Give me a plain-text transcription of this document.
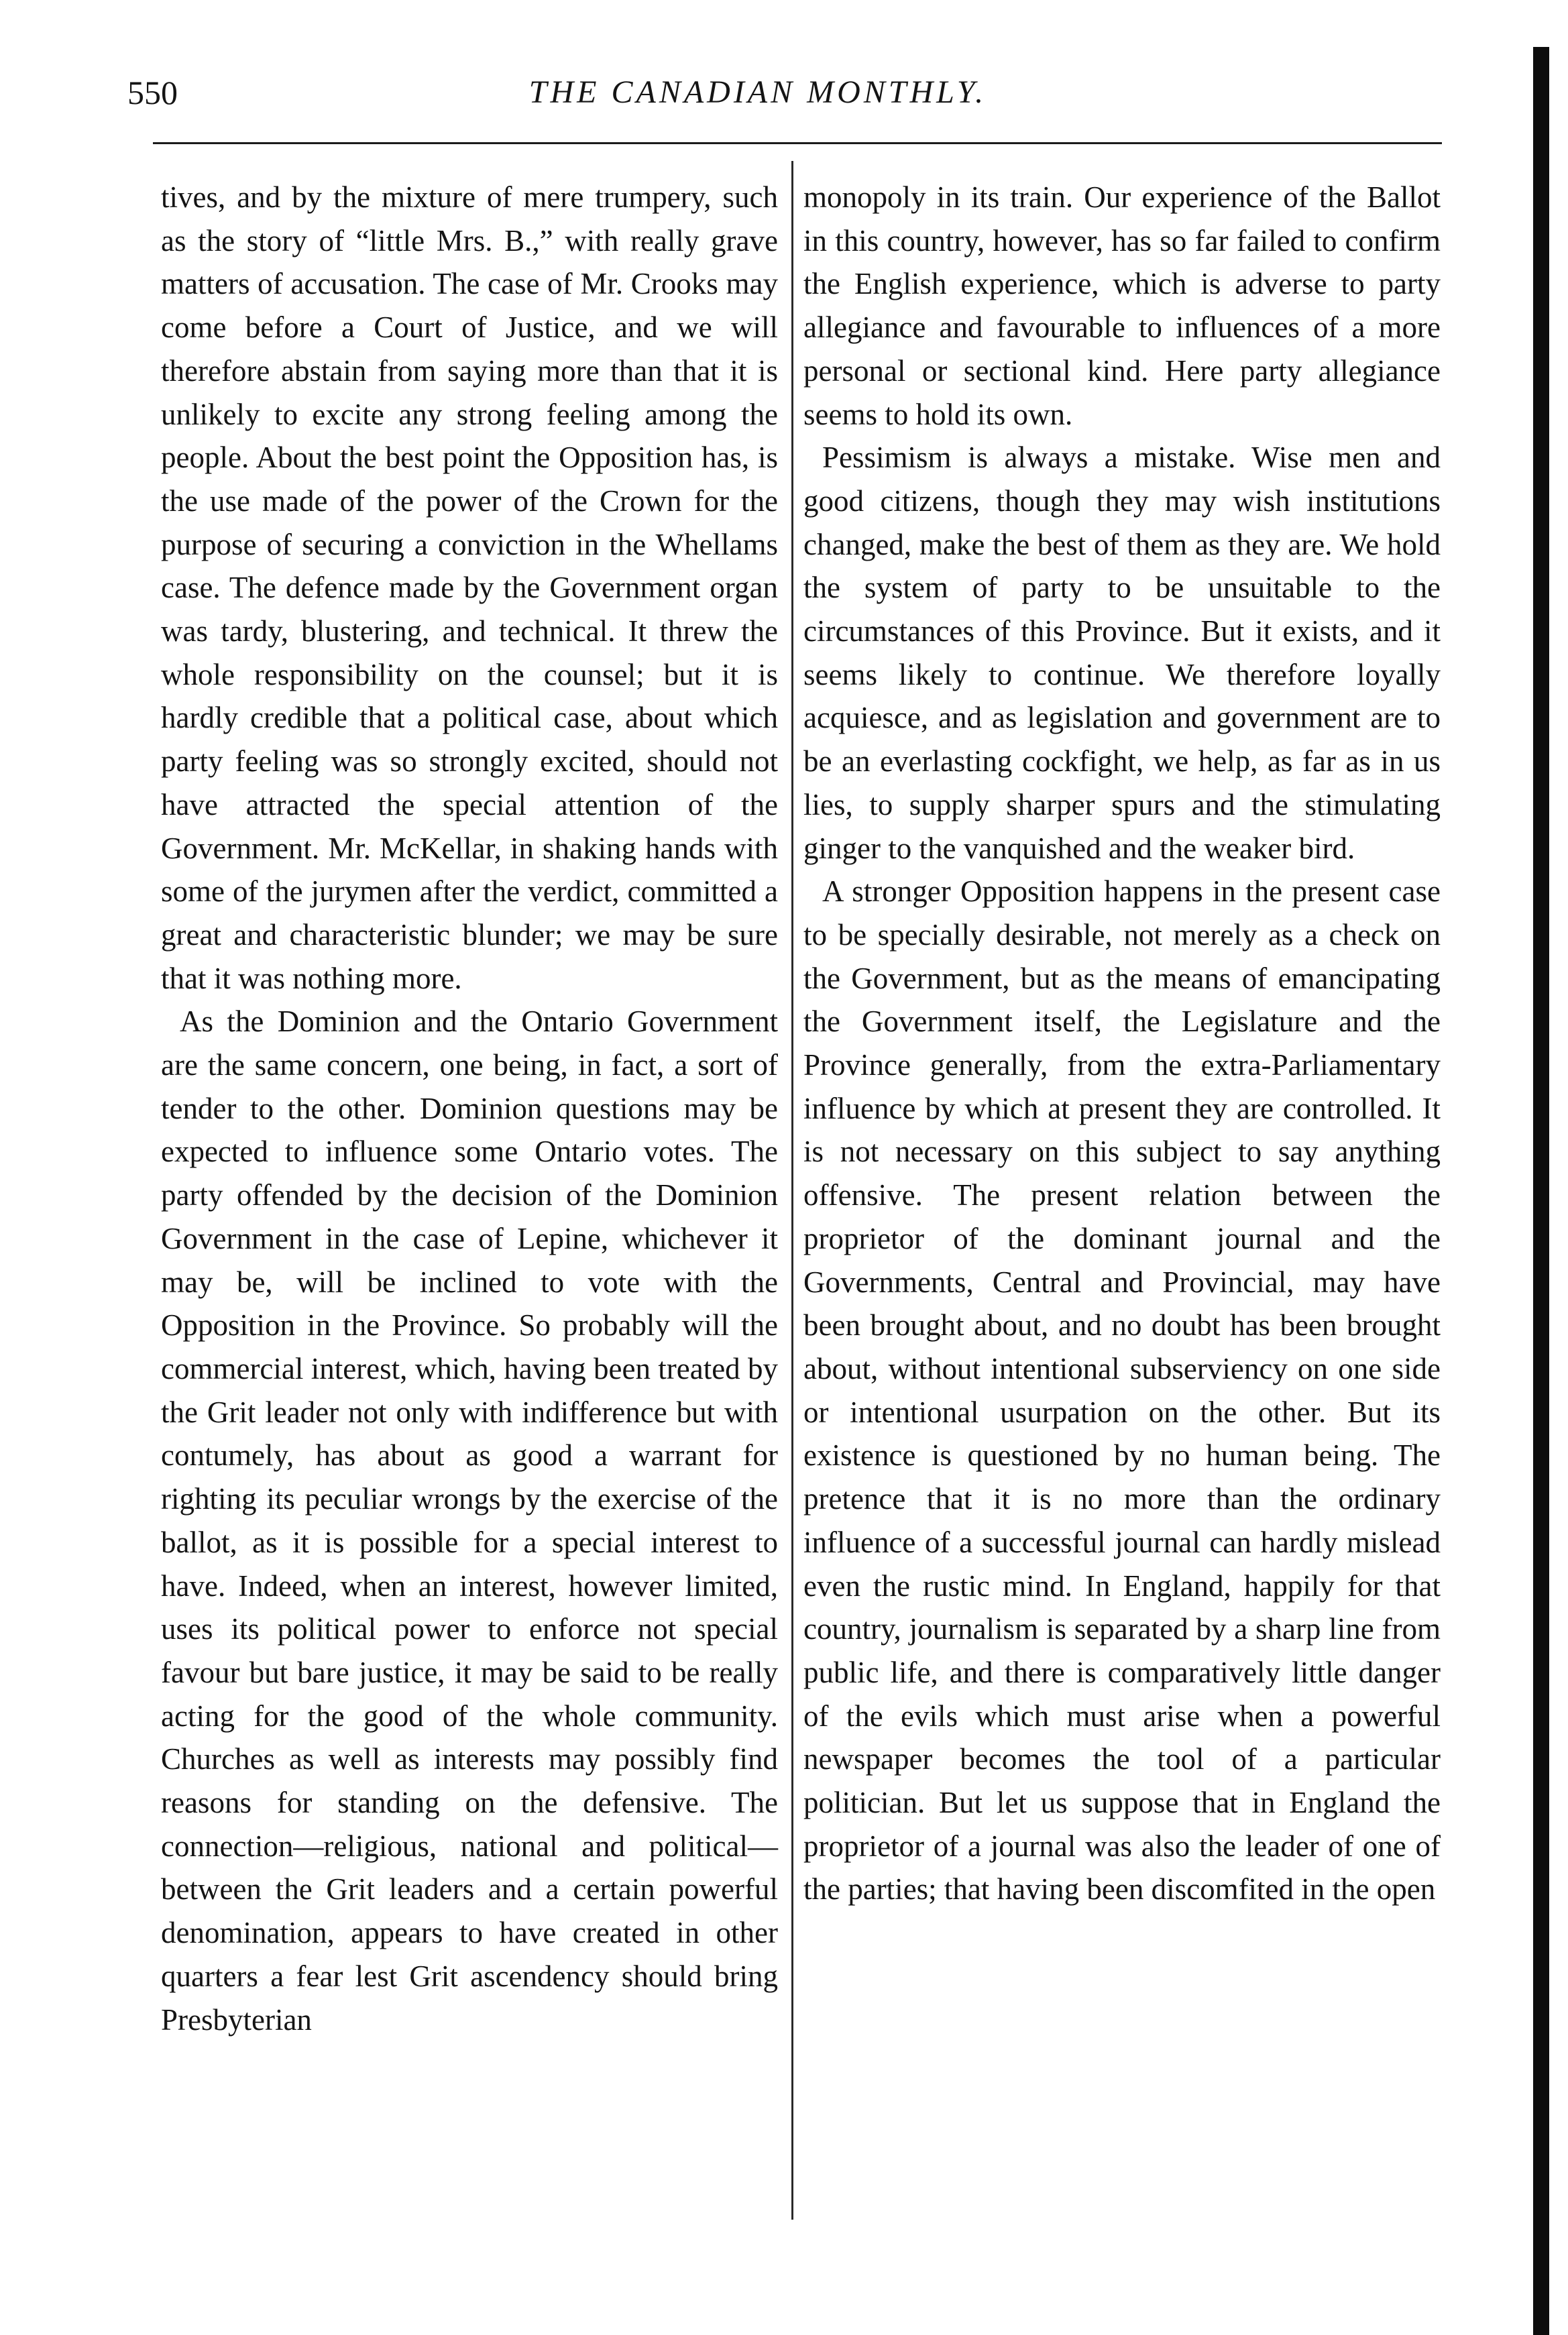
550	THE CANADIAN MONTHLY.

tives, and by the mixture of mere trumpery, such as the story of “little Mrs. B.,” with really grave matters of accusation. The case of Mr. Crooks may come before a Court of Justice, and we will therefore abstain from saying more than that it is unlikely to excite any strong feeling among the people. About the best point the Opposition has, is the use made of the power of the Crown for the purpose of securing a conviction in the Whellams case. The defence made by the Government organ was tardy, blustering, and technical. It threw the whole responsibility on the counsel; but it is hardly credible that a political case, about which party feeling was so strongly excited, should not have attracted the special attention of the Government. Mr. McKellar, in shaking hands with some of the jurymen after the verdict, committed a great and characteristic blunder; we may be sure that it was nothing more.

As the Dominion and the Ontario Government are the same concern, one being, in fact, a sort of tender to the other. Dominion questions may be expected to influence some Ontario votes. The party offended by the decision of the Dominion Government in the case of Lepine, whichever it may be, will be inclined to vote with the Opposition in the Province. So probably will the commercial interest, which, having been treated by the Grit leader not only with indifference but with contumely, has about as good a warrant for righting its peculiar wrongs by the exercise of the ballot, as it is possible for a special interest to have. Indeed, when an interest, however limited, uses its political power to enforce not special favour but bare justice, it may be said to be really acting for the good of the whole community. Churches as well as interests may possibly find reasons for standing on the defensive. The connection—religious, national and political—between the Grit leaders and a certain powerful denomination, appears to have created in other quarters a fear lest Grit ascendency should bring Presbyterian

monopoly in its train. Our experience of the Ballot in this country, however, has so far failed to confirm the English experience, which is adverse to party allegiance and favourable to influences of a more personal or sectional kind. Here party allegiance seems to hold its own.

Pessimism is always a mistake. Wise men and good citizens, though they may wish institutions changed, make the best of them as they are. We hold the system of party to be unsuitable to the circumstances of this Province. But it exists, and it seems likely to continue. We therefore loyally acquiesce, and as legislation and government are to be an everlasting cockfight, we help, as far as in us lies, to supply sharper spurs and the stimulating ginger to the vanquished and the weaker bird.

A stronger Opposition happens in the present case to be specially desirable, not merely as a check on the Government, but as the means of emancipating the Government itself, the Legislature and the Province generally, from the extra-Parliamentary influence by which at present they are controlled. It is not necessary on this subject to say anything offensive. The present relation between the proprietor of the dominant journal and the Governments, Central and Provincial, may have been brought about, and no doubt has been brought about, without intentional subserviency on one side or intentional usurpation on the other. But its existence is questioned by no human being. The pretence that it is no more than the ordinary influence of a successful journal can hardly mislead even the rustic mind. In England, happily for that country, journalism is separated by a sharp line from public life, and there is comparatively little danger of the evils which must arise when a powerful newspaper becomes the tool of a particular politician. But let us suppose that in England the proprietor of a journal was also the leader of one of the parties; that having been discomfited in the open
